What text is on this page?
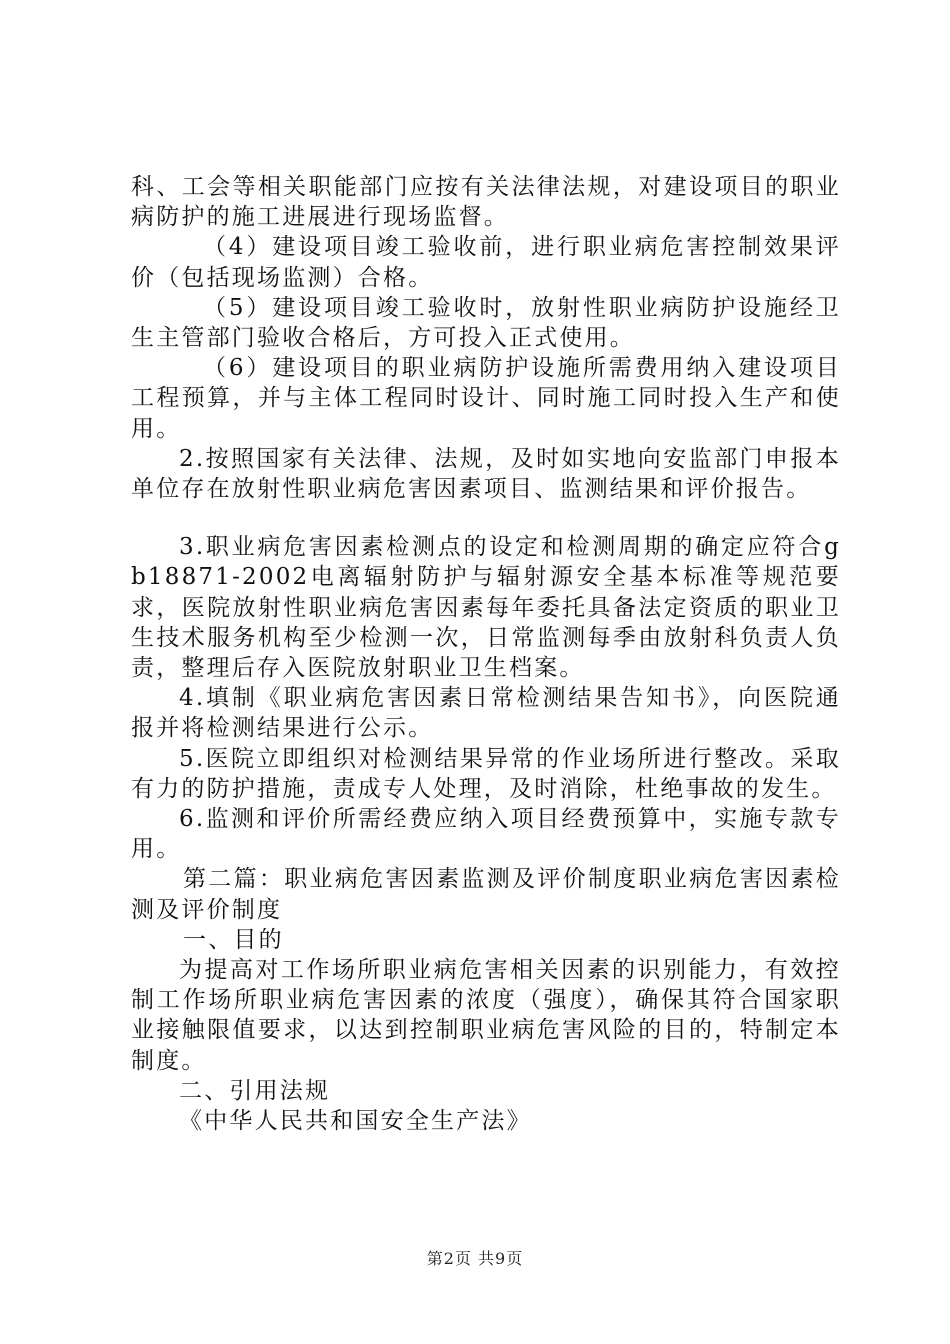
科、工会等相关职能部门应按有关法律法规，对建设项目的职业病防护的施工进展进行现场监督。

（4）建设项目竣工验收前，进行职业病危害控制效果评价（包括现场监测）合格。

（5）建设项目竣工验收时，放射性职业病防护设施经卫生主管部门验收合格后，方可投入正式使用。

（6）建设项目的职业病防护设施所需费用纳入建设项目工程预算，并与主体工程同时设计、同时施工同时投入生产和使用。

2.按照国家有关法律、法规，及时如实地向安监部门申报本单位存在放射性职业病危害因素项目、监测结果和评价报告。

3.职业病危害因素检测点的设定和检测周期的确定应符合gb18871-2002电离辐射防护与辐射源安全基本标准等规范要求，医院放射性职业病危害因素每年委托具备法定资质的职业卫生技术服务机构至少检测一次，日常监测每季由放射科负责人负责，整理后存入医院放射职业卫生档案。

4.填制《职业病危害因素日常检测结果告知书》，向医院通报并将检测结果进行公示。

5.医院立即组织对检测结果异常的作业场所进行整改。采取有力的防护措施，责成专人处理，及时消除，杜绝事故的发生。

6.监测和评价所需经费应纳入项目经费预算中，实施专款专用。

第二篇：职业病危害因素监测及评价制度职业病危害因素检测及评价制度

一、目的

为提高对工作场所职业病危害相关因素的识别能力，有效控制工作场所职业病危害因素的浓度（强度），确保其符合国家职业接触限值要求，以达到控制职业病危害风险的目的，特制定本制度。

二、引用法规

《中华人民共和国安全生产法》

第2页 共9页
